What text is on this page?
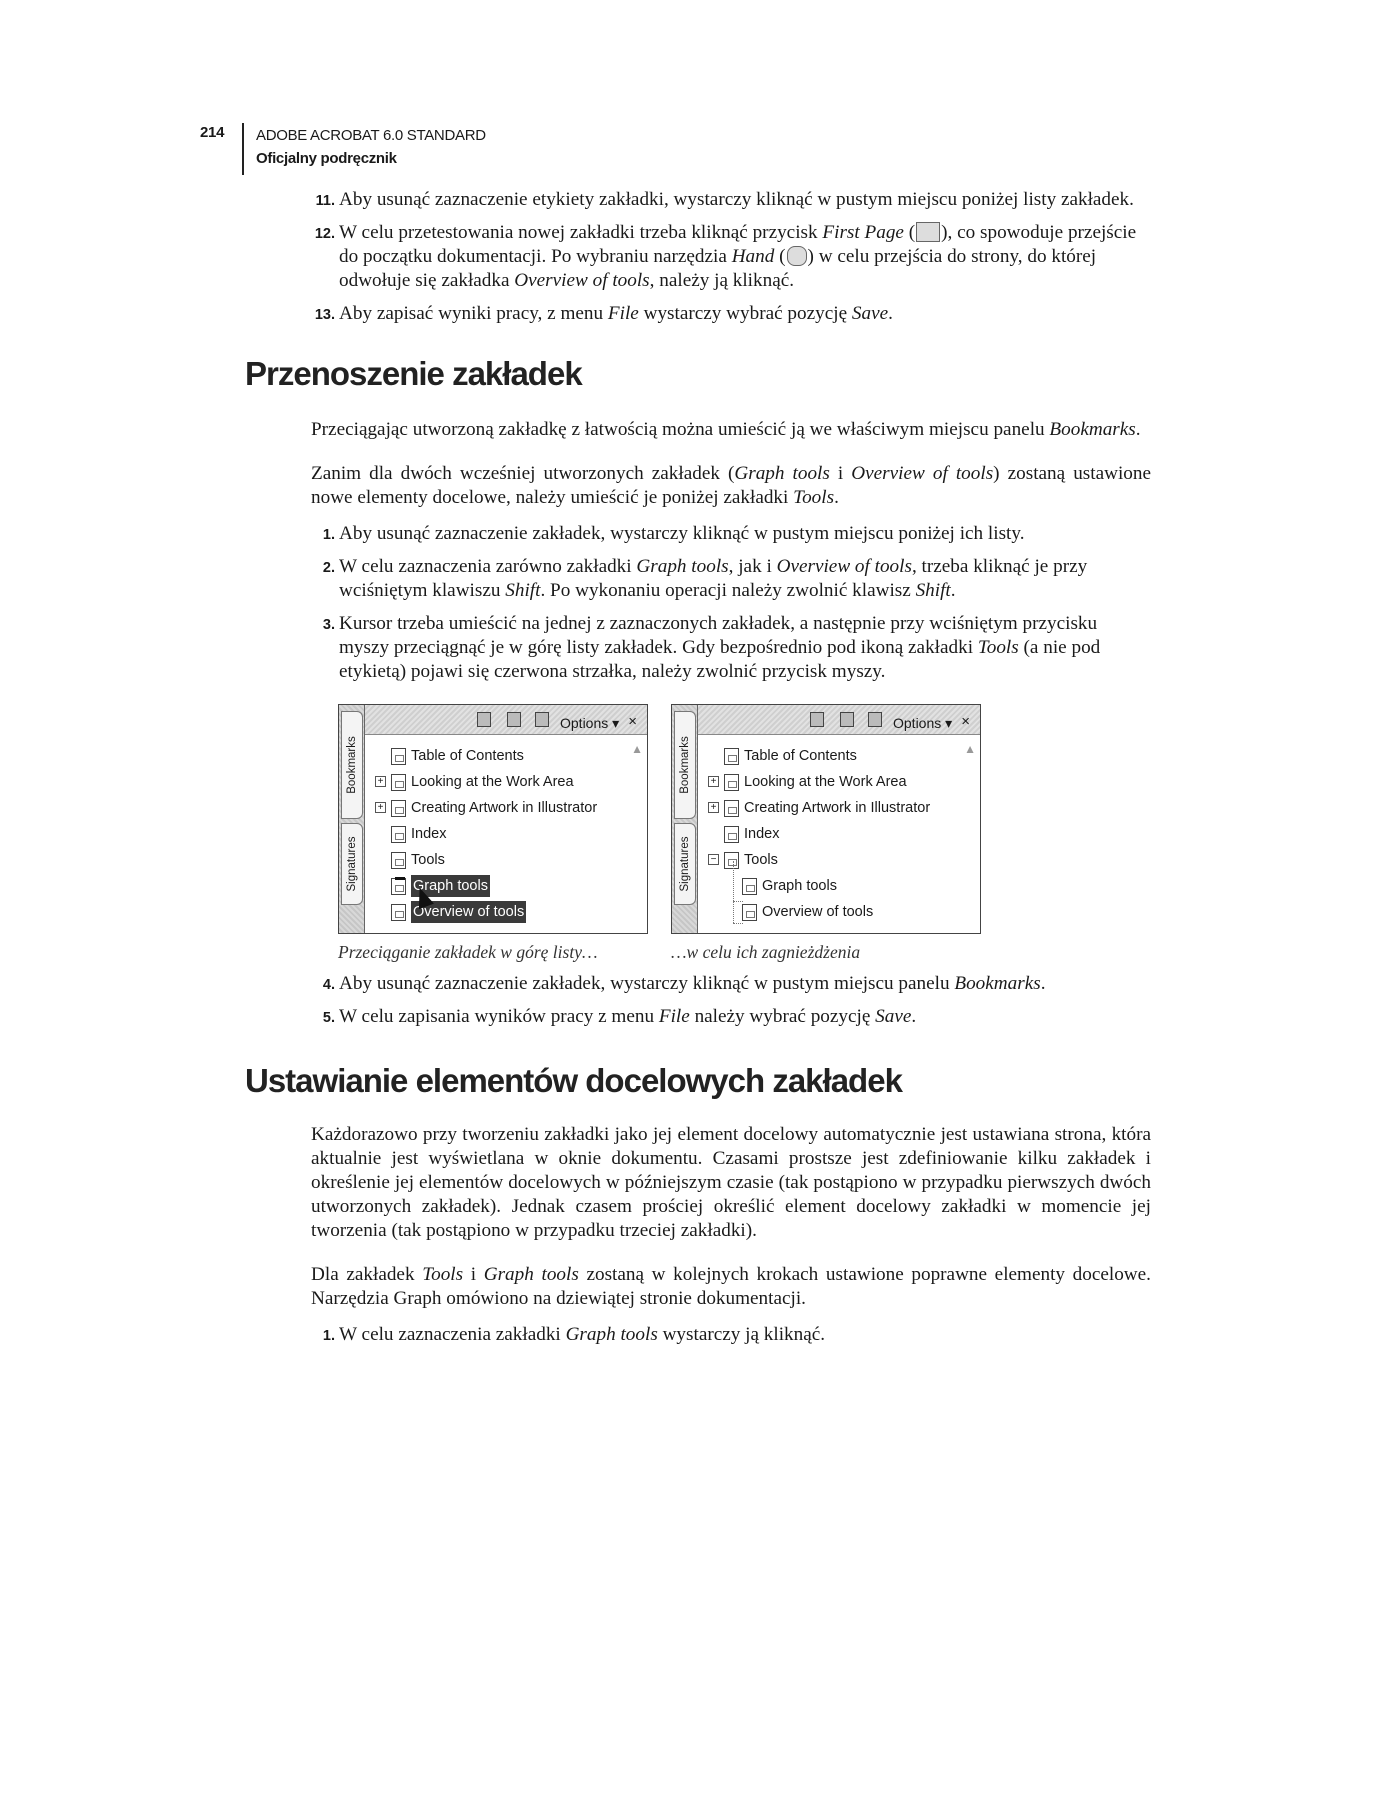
214	ADOBE ACROBAT 6.0 STANDARD
Oficjalny podręcznik
11. Aby usunąć zaznaczenie etykiety zakładki, wystarczy kliknąć w pustym miejscu poniżej listy zakładek.
12. W celu przetestowania nowej zakładki trzeba kliknąć przycisk First Page ( ), co spowoduje przejście do początku dokumentacji. Po wybraniu narzędzia Hand ( ) w celu przejścia do strony, do której odwołuje się zakładka Overview of tools, należy ją kliknąć.
13. Aby zapisać wyniki pracy, z menu File wystarczy wybrać pozycję Save.
Przenoszenie zakładek

Przeciągając utworzoną zakładkę z łatwością można umieścić ją we właściwym miejscu panelu Bookmarks.

Zanim dla dwóch wcześniej utworzonych zakładek (Graph tools i Overview of tools) zostaną ustawione nowe elementy docelowe, należy umieścić je poniżej zakładki Tools.

1. Aby usunąć zaznaczenie zakładek, wystarczy kliknąć w pustym miejscu poniżej ich listy.
2. W celu zaznaczenia zarówno zakładki Graph tools, jak i Overview of tools, trzeba kliknąć je przy wciśniętym klawiszu Shift. Po wykonaniu operacji należy zwolnić klawisz Shift.
3. Kursor trzeba umieścić na jednej z zaznaczonych zakładek, a następnie przy wciśniętym przycisku myszy przeciągnąć je w górę listy zakładek. Gdy bezpośrednio pod ikoną zakładki Tools (a nie pod etykietą) pojawi się czerwona strzałka, należy zwolnić przycisk myszy.
Bookmarks
Signatures
Options ▾ ×
▲
Table of Contents
+ Looking at the Work Area
+ Creating Artwork in Illustrator
Index
Tools
Graph tools
Overview of tools
Bookmarks
Signatures
Options ▾ ×
▲
Table of Contents
+ Looking at the Work Area
+ Creating Artwork in Illustrator
Index
− Tools
Graph tools
Overview of tools
Przeciąganie zakładek w górę listy…	…w celu ich zagnieżdżenia
4. Aby usunąć zaznaczenie zakładek, wystarczy kliknąć w pustym miejscu panelu Bookmarks.
5. W celu zapisania wyników pracy z menu File należy wybrać pozycję Save.
Ustawianie elementów docelowych zakładek

Każdorazowo przy tworzeniu zakładki jako jej element docelowy automatycznie jest ustawiana strona, która aktualnie jest wyświetlana w oknie dokumentu. Czasami prostsze jest zdefiniowanie kilku zakładek i określenie jej elementów docelowych w późniejszym czasie (tak postąpiono w przypadku pierwszych dwóch utworzonych zakładek). Jednak czasem prościej określić element docelowy zakładki w momencie jej tworzenia (tak postąpiono w przypadku trzeciej zakładki).

Dla zakładek Tools i Graph tools zostaną w kolejnych krokach ustawione poprawne elementy docelowe. Narzędzia Graph omówiono na dziewiątej stronie dokumentacji.

1. W celu zaznaczenia zakładki Graph tools wystarczy ją kliknąć.
